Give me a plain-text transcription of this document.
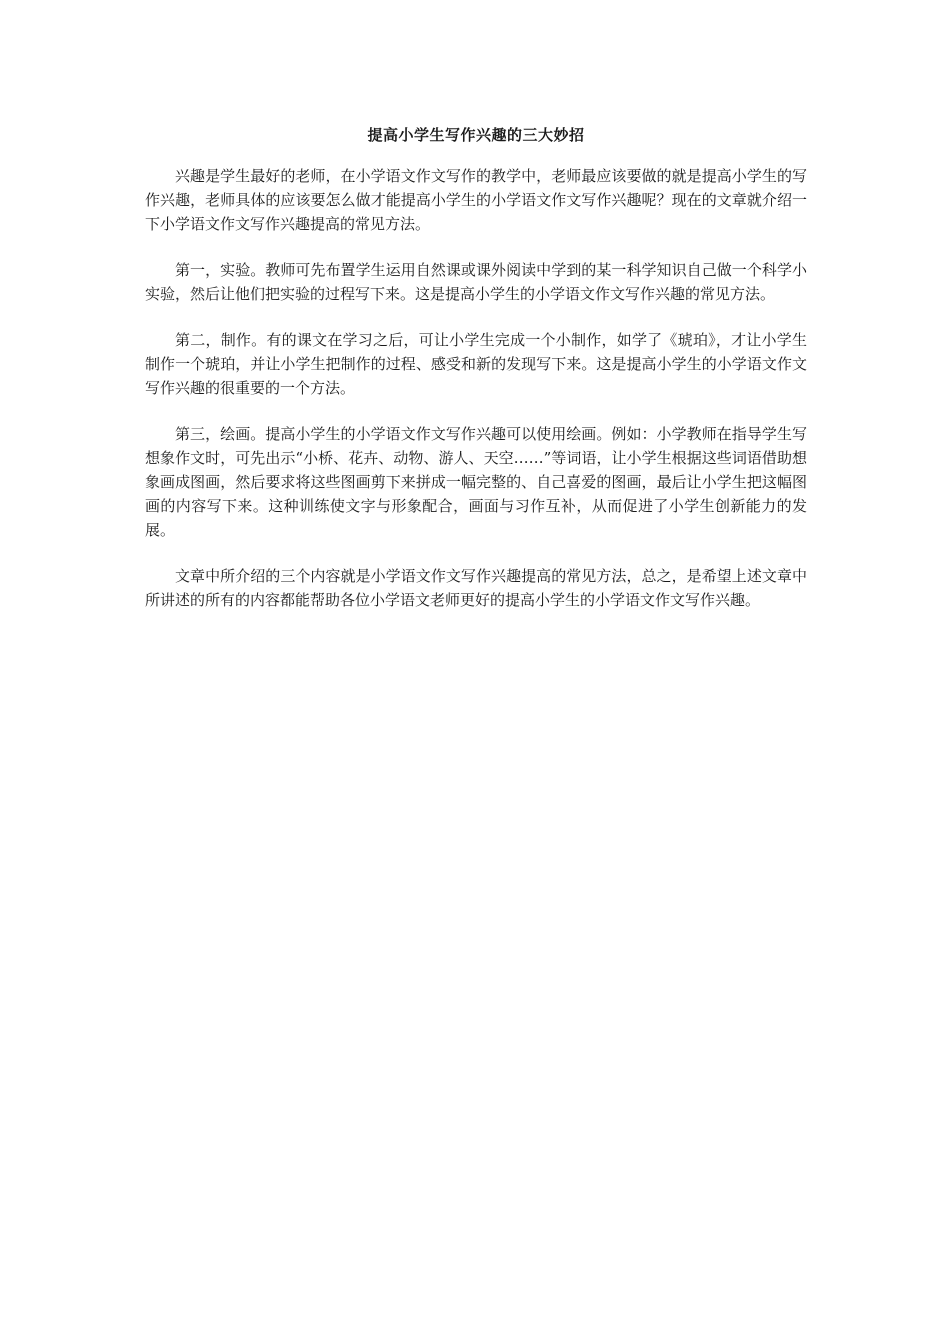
提高小学生写作兴趣的三大妙招

兴趣是学生最好的老师，在小学语文作文写作的教学中，老师最应该要做的就是提高小学生的写作兴趣，老师具体的应该要怎么做才能提高小学生的小学语文作文写作兴趣呢？现在的文章就介绍一下小学语文作文写作兴趣提高的常见方法。

第一，实验。教师可先布置学生运用自然课或课外阅读中学到的某一科学知识自己做一个科学小实验，然后让他们把实验的过程写下来。这是提高小学生的小学语文作文写作兴趣的常见方法。

第二，制作。有的课文在学习之后，可让小学生完成一个小制作，如学了《琥珀》，才让小学生制作一个琥珀，并让小学生把制作的过程、感受和新的发现写下来。这是提高小学生的小学语文作文写作兴趣的很重要的一个方法。

第三，绘画。提高小学生的小学语文作文写作兴趣可以使用绘画。例如：小学教师在指导学生写想象作文时，可先出示“小桥、花卉、动物、游人、天空……”等词语，让小学生根据这些词语借助想象画成图画，然后要求将这些图画剪下来拼成一幅完整的、自己喜爱的图画，最后让小学生把这幅图画的内容写下来。这种训练使文字与形象配合，画面与习作互补，从而促进了小学生创新能力的发展。

文章中所介绍的三个内容就是小学语文作文写作兴趣提高的常见方法，总之，是希望上述文章中所讲述的所有的内容都能帮助各位小学语文老师更好的提高小学生的小学语文作文写作兴趣。
